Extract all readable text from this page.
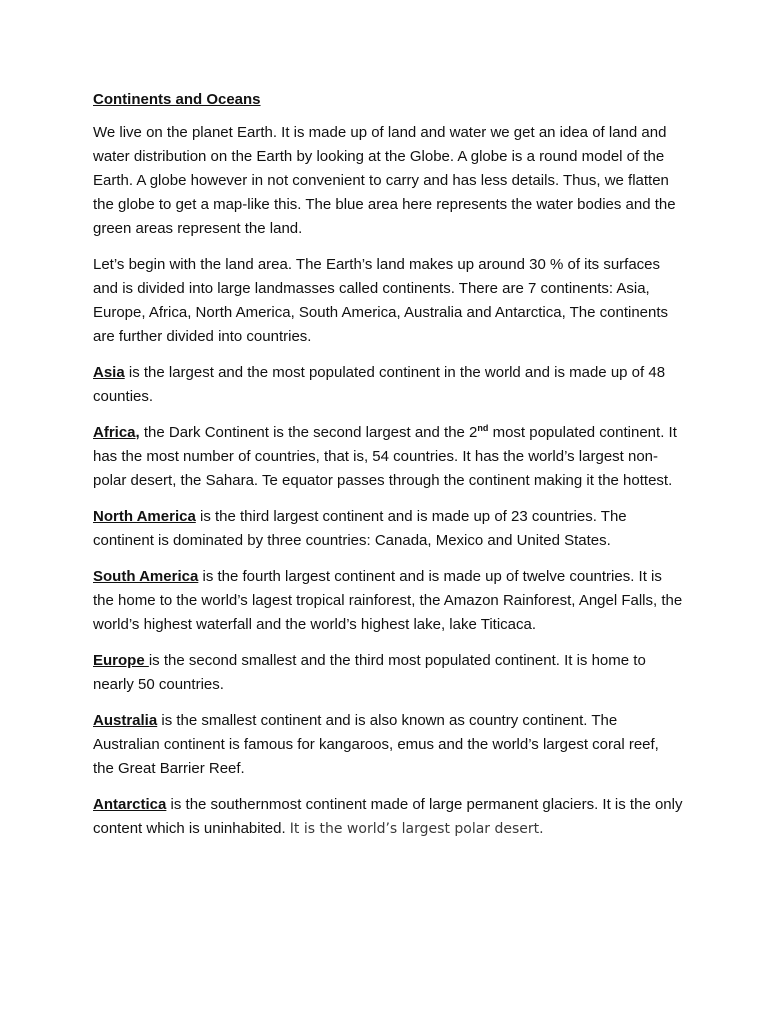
Continents and Oceans

We live on the planet Earth. It is made up of land and water we get an idea of land and water distribution on the Earth by looking at the Globe. A globe is a round model of the Earth. A globe however in not convenient to carry and has less details. Thus, we flatten the globe to get a map-like this. The blue area here represents the water bodies and the green areas represent the land.

Let’s begin with the land area. The Earth’s land makes up around 30 % of its surfaces and is divided into large landmasses called continents. There are 7 continents: Asia, Europe, Africa, North America, South America, Australia and Antarctica, The continents are further divided into countries.

Asia is the largest and the most populated continent in the world and is made up of 48 counties.

Africa, the Dark Continent is the second largest and the 2nd most populated continent. It has the most number of countries, that is, 54 countries. It has the world’s largest non-polar desert, the Sahara. Te equator passes through the continent making it the hottest.

North America is the third largest continent and is made up of 23 countries. The continent is dominated by three countries: Canada, Mexico and United States.

South America is the fourth largest continent and is made up of twelve countries. It is the home to the world’s lagest tropical rainforest, the Amazon Rainforest, Angel Falls, the world’s highest waterfall and the world’s highest lake, lake Titicaca.

Europe is the second smallest and the third most populated continent. It is home to nearly 50 countries.

Australia is the smallest continent and is also known as country continent. The Australian continent is famous for kangaroos, emus and the world’s largest coral reef, the Great Barrier Reef.

Antarctica is the southernmost continent made of large permanent glaciers. It is the only content which is uninhabited. It is the world’s largest polar desert.
